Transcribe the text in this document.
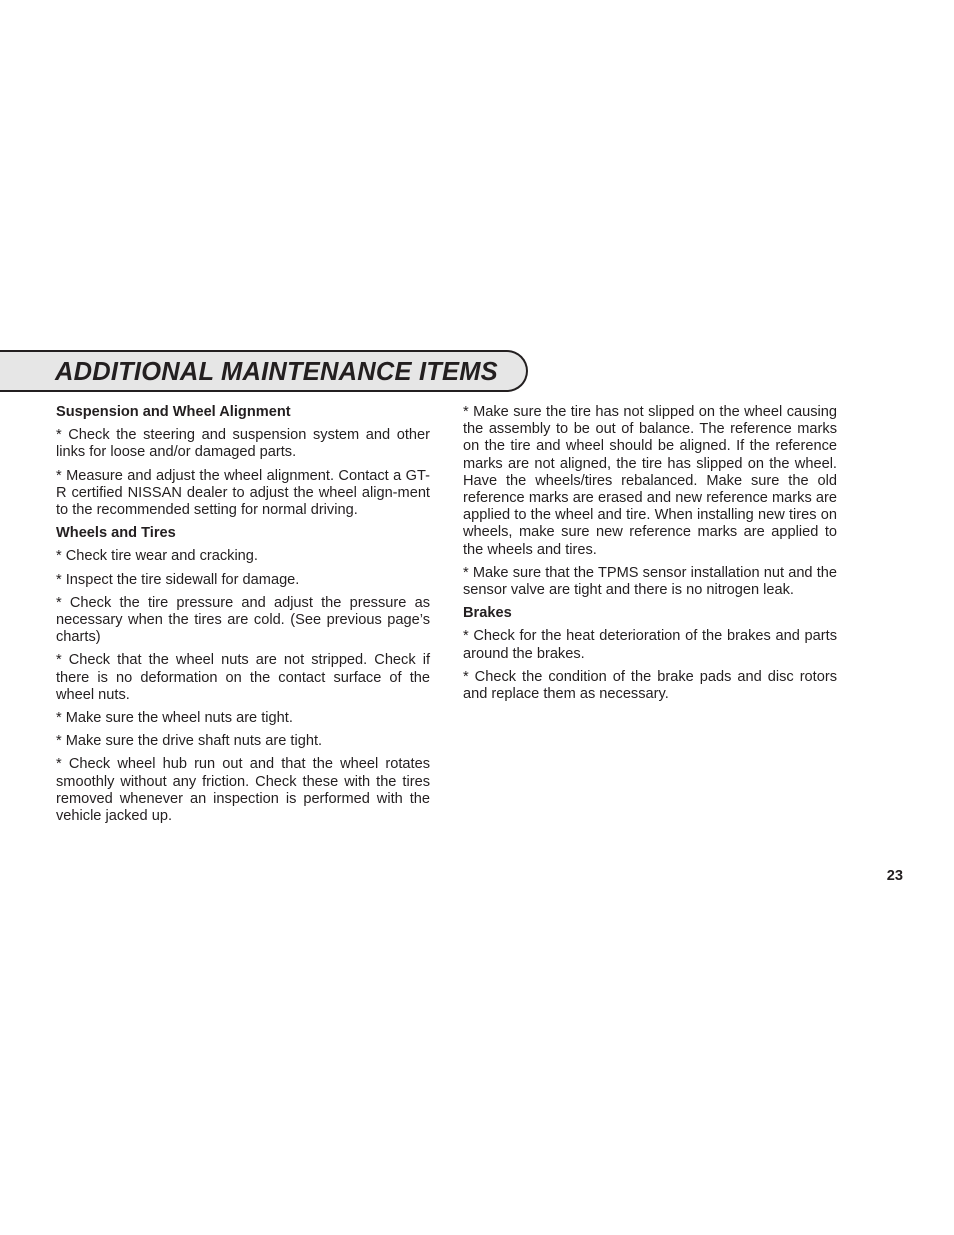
ADDITIONAL MAINTENANCE ITEMS

Suspension and Wheel Alignment

* Check the steering and suspension system and other links for loose and/or damaged parts.

* Measure and adjust the wheel alignment. Contact a GT-R certified NISSAN dealer to adjust the wheel align-ment to the recommended setting for normal driving.

Wheels and Tires

* Check tire wear and cracking.

* Inspect the tire sidewall for damage.

* Check the tire pressure and adjust the pressure as necessary when the tires are cold. (See previous page’s charts)

* Check that the wheel nuts are not stripped. Check if there is no deformation on the contact surface of the wheel nuts.

* Make sure the wheel nuts are tight.

* Make sure the drive shaft nuts are tight.

* Check wheel hub run out and that the wheel rotates smoothly without any friction. Check these with the tires removed whenever an inspection is performed with the vehicle jacked up.

* Make sure the tire has not slipped on the wheel causing the assembly to be out of balance. The reference marks on the tire and wheel should be aligned. If the reference marks are not aligned, the tire has slipped on the wheel. Have the wheels/tires rebalanced. Make sure the old reference marks are erased and new reference marks are applied to the wheel and tire. When installing new tires on wheels, make sure new reference marks are applied to the wheels and tires.

* Make sure that the TPMS sensor installation nut and the sensor valve are tight and there is no nitrogen leak.

Brakes

* Check for the heat deterioration of the brakes and parts around the brakes.

* Check the condition of the brake pads and disc rotors and replace them as necessary.

23
